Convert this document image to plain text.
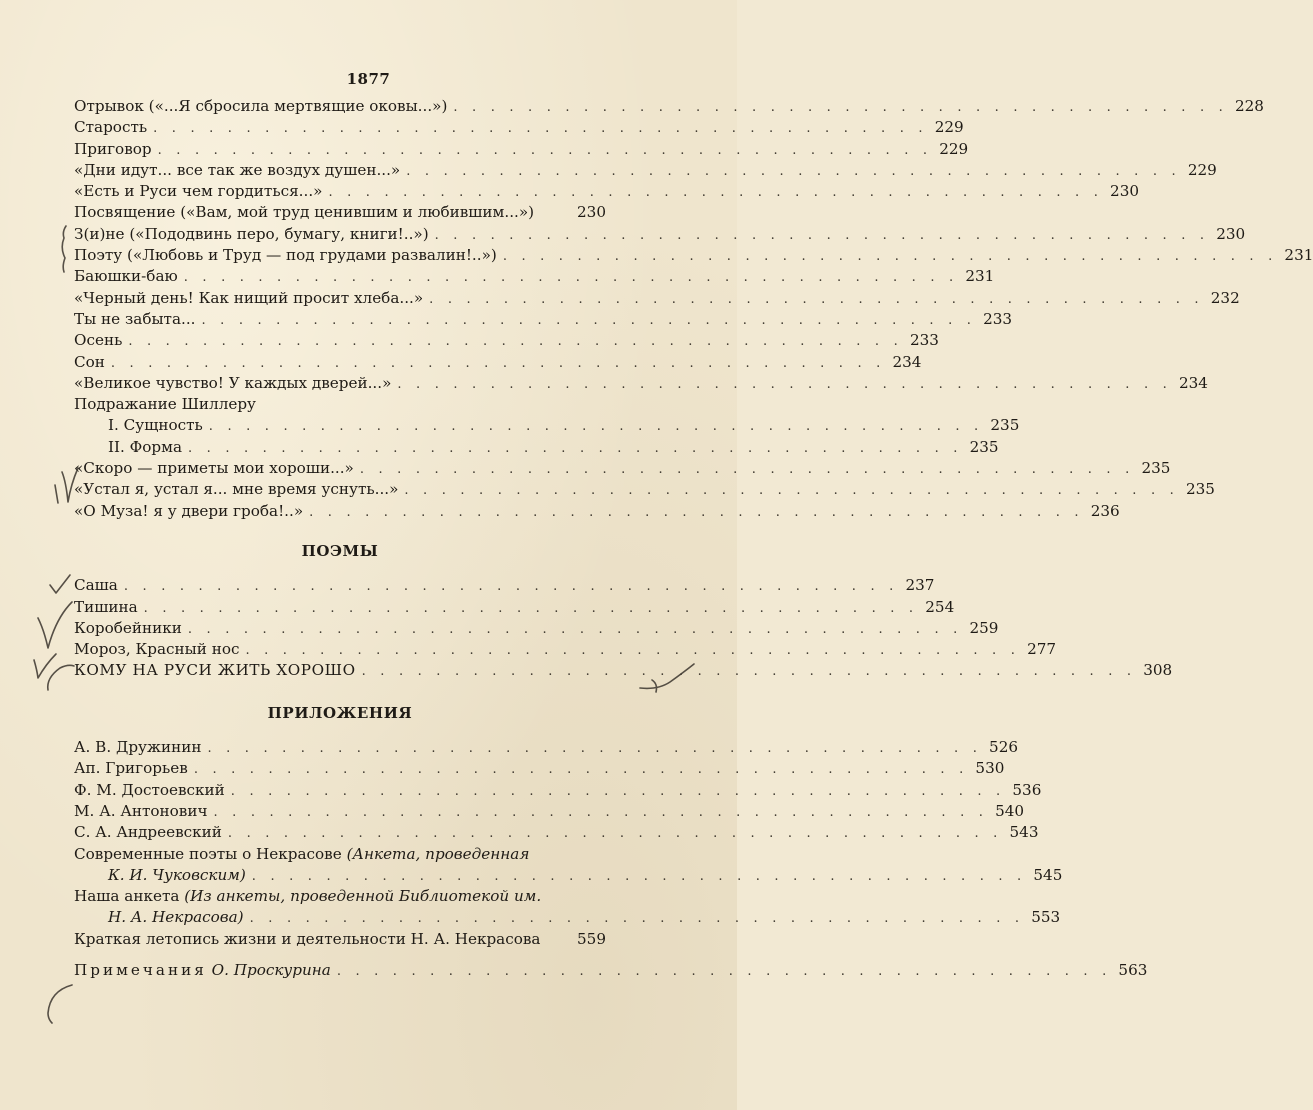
1877
Отрывок («...Я сбросила мертвящие оковы...») . . . . . . . . . . . . . . . . . . . . . . . . . . . . . . . . . . . . . . . . . . 228
Старость . . . . . . . . . . . . . . . . . . . . . . . . . . . . . . . . . . . . . . . . . . 229
Приговор . . . . . . . . . . . . . . . . . . . . . . . . . . . . . . . . . . . . . . . . . . 229
«Дни идут... все так же воздух душен...» . . . . . . . . . . . . . . . . . . . . . . . . . . . . . . . . . . . . . . . . . . 229
«Есть и Руси чем гордиться...» . . . . . . . . . . . . . . . . . . . . . . . . . . . . . . . . . . . . . . . . . . 230
Посвящение («Вам, мой труд ценившим и любившим...»)	230
З(и)не («Пододвинь перо, бумагу, книги!..») . . . . . . . . . . . . . . . . . . . . . . . . . . . . . . . . . . . . . . . . . . 230
Поэту («Любовь и Труд — под грудами развалин!..») . . . . . . . . . . . . . . . . . . . . . . . . . . . . . . . . . . . . . . . . . . 231
Баюшки-баю . . . . . . . . . . . . . . . . . . . . . . . . . . . . . . . . . . . . . . . . . . 231
«Черный день! Как нищий просит хлеба...» . . . . . . . . . . . . . . . . . . . . . . . . . . . . . . . . . . . . . . . . . . 232
Ты не забыта... . . . . . . . . . . . . . . . . . . . . . . . . . . . . . . . . . . . . . . . . . . 233
Осень . . . . . . . . . . . . . . . . . . . . . . . . . . . . . . . . . . . . . . . . . . 233
Сон . . . . . . . . . . . . . . . . . . . . . . . . . . . . . . . . . . . . . . . . . . 234
«Великое чувство! У каждых дверей...» . . . . . . . . . . . . . . . . . . . . . . . . . . . . . . . . . . . . . . . . . . 234
Подражание Шиллеру
I. Сущность . . . . . . . . . . . . . . . . . . . . . . . . . . . . . . . . . . . . . . . . . . 235
II. Форма . . . . . . . . . . . . . . . . . . . . . . . . . . . . . . . . . . . . . . . . . . 235
«Скоро — приметы мои хороши...» . . . . . . . . . . . . . . . . . . . . . . . . . . . . . . . . . . . . . . . . . . 235
«Устал я, устал я... мне время уснуть...» . . . . . . . . . . . . . . . . . . . . . . . . . . . . . . . . . . . . . . . . . . 235
«О Муза! я у двери гроба!..» . . . . . . . . . . . . . . . . . . . . . . . . . . . . . . . . . . . . . . . . . . 236
ПОЭМЫ
Саша . . . . . . . . . . . . . . . . . . . . . . . . . . . . . . . . . . . . . . . . . . 237
Тишина . . . . . . . . . . . . . . . . . . . . . . . . . . . . . . . . . . . . . . . . . . 254
Коробейники . . . . . . . . . . . . . . . . . . . . . . . . . . . . . . . . . . . . . . . . . . 259
Мороз, Красный нос . . . . . . . . . . . . . . . . . . . . . . . . . . . . . . . . . . . . . . . . . . 277
КОМУ НА РУСИ ЖИТЬ ХОРОШО . . . . . . . . . . . . . . . . . . . . . . . . . . . . . . . . . . . . . . . . . . 308
ПРИЛОЖЕНИЯ
А. В. Дружинин . . . . . . . . . . . . . . . . . . . . . . . . . . . . . . . . . . . . . . . . . . 526
Ап. Григорьев . . . . . . . . . . . . . . . . . . . . . . . . . . . . . . . . . . . . . . . . . . 530
Ф. М. Достоевский . . . . . . . . . . . . . . . . . . . . . . . . . . . . . . . . . . . . . . . . . . 536
М. А. Антонович . . . . . . . . . . . . . . . . . . . . . . . . . . . . . . . . . . . . . . . . . . 540
С. А. Андреевский . . . . . . . . . . . . . . . . . . . . . . . . . . . . . . . . . . . . . . . . . . 543
Современные поэты о Некрасове (Анкета, проведенная
К. И. Чуковским) . . . . . . . . . . . . . . . . . . . . . . . . . . . . . . . . . . . . . . . . . . 545
Наша анкета (Из анкеты, проведенной Библиотекой им.
Н. А. Некрасова) . . . . . . . . . . . . . . . . . . . . . . . . . . . . . . . . . . . . . . . . . . 553
Краткая летопись жизни и деятельности Н. А. Некрасова 559
Примечания О. Проскурина . . . . . . . . . . . . . . . . . . . . . . . . . . . . . . . . . . . . . . . . . . 563
